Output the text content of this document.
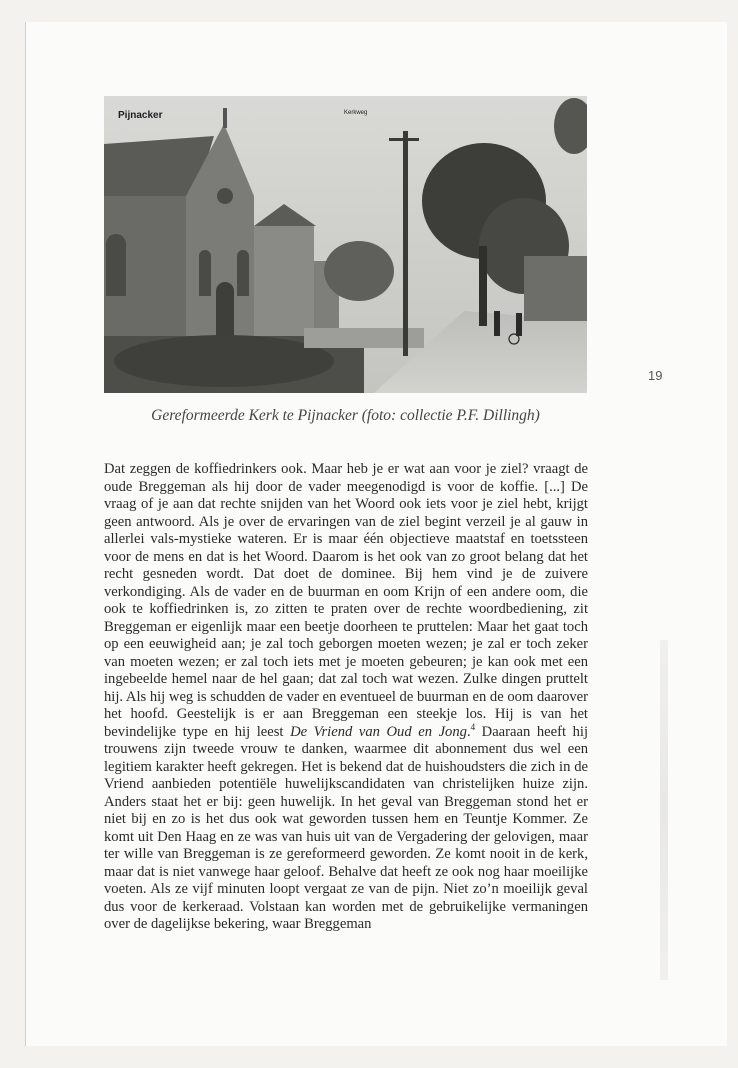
Pijnacker	Kerkweg
19
Gereformeerde Kerk te Pijnacker (foto: collectie P.F. Dillingh)

Dat zeggen de koffiedrinkers ook. Maar heb je er wat aan voor je ziel? vraagt de oude Breggeman als hij door de vader meegenodigd is voor de koffie. [...] De vraag of je aan dat rechte snijden van het Woord ook iets voor je ziel hebt, krijgt geen antwoord. Als je over de ervaringen van de ziel begint verzeil je al gauw in allerlei vals-mystieke wateren. Er is maar één objectieve maatstaf en toetssteen voor de mens en dat is het Woord. Daarom is het ook van zo groot belang dat het recht gesneden wordt. Dat doet de dominee. Bij hem vind je de zuivere verkondiging. Als de vader en de buurman en oom Krijn of een andere oom, die ook te koffiedrinken is, zo zitten te praten over de rechte woordbediening, zit Breggeman er eigenlijk maar een beetje doorheen te pruttelen: Maar het gaat toch op een eeuwigheid aan; je zal toch geborgen moeten wezen; je zal er toch zeker van moeten wezen; er zal toch iets met je moeten gebeuren; je kan ook met een ingebeelde hemel naar de hel gaan; dat zal toch wat wezen. Zulke dingen pruttelt hij. Als hij weg is schudden de vader en eventueel de buurman en de oom daarover het hoofd. Geestelijk is er aan Breggeman een steekje los. Hij is van het bevindelijke type en hij leest De Vriend van Oud en Jong.$^4$ Daaraan heeft hij trouwens zijn tweede vrouw te danken, waarmee dit abonnement dus wel een legitiem karakter heeft gekregen. Het is bekend dat de huishoudsters die zich in de Vriend aanbieden potentiële huwelijkscandidaten van christelijken huize zijn. Anders staat het er bij: geen huwelijk. In het geval van Breggeman stond het er niet bij en zo is het dus ook wat geworden tussen hem en Teuntje Kommer. Ze komt uit Den Haag en ze was van huis uit van de Vergadering der gelovigen, maar ter wille van Breggeman is ze gereformeerd geworden. Ze komt nooit in de kerk, maar dat is niet vanwege haar geloof. Behalve dat heeft ze ook nog haar moeilijke voeten. Als ze vijf minuten loopt vergaat ze van de pijn. Niet zo’n moeilijk geval dus voor de kerkeraad. Volstaan kan worden met de gebruikelijke vermaningen over de dagelijkse bekering, waar Breggeman
